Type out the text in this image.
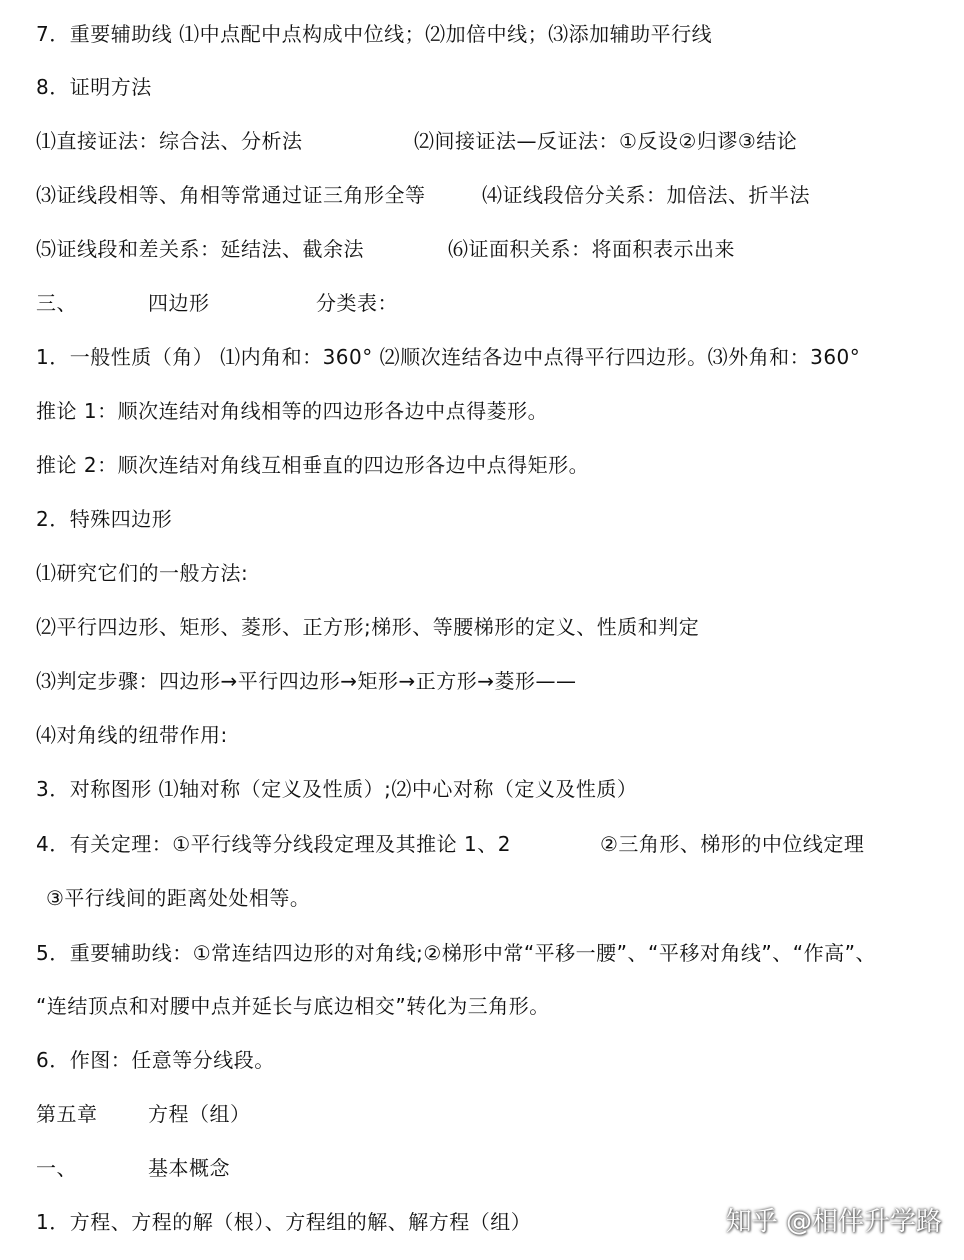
7．重要辅助线 ⑴中点配中点构成中位线；⑵加倍中线；⑶添加辅助平行线
8．证明方法
⑴直接证法：综合法、分析法	⑵间接证法—反证法：①反设②归谬③结论
⑶证线段相等、角相等常通过证三角形全等	⑷证线段倍分关系：加倍法、折半法
⑸证线段和差关系：延结法、截余法	⑹证面积关系：将面积表示出来
三、	四边形	分类表：
1．一般性质（角） ⑴内角和：360° ⑵顺次连结各边中点得平行四边形。⑶外角和：360°
推论 1：顺次连结对角线相等的四边形各边中点得菱形。
推论 2：顺次连结对角线互相垂直的四边形各边中点得矩形。
2．特殊四边形
⑴研究它们的一般方法:
⑵平行四边形、矩形、菱形、正方形;梯形、等腰梯形的定义、性质和判定
⑶判定步骤：四边形→平行四边形→矩形→正方形→菱形——
⑷对角线的纽带作用:
3．对称图形 ⑴轴对称（定义及性质）;⑵中心对称（定义及性质）
4．有关定理：①平行线等分线段定理及其推论 1、2	②三角形、梯形的中位线定理
③平行线间的距离处处相等。
5．重要辅助线：①常连结四边形的对角线;②梯形中常“平移一腰”、“平移对角线”、“作高”、
“连结顶点和对腰中点并延长与底边相交”转化为三角形。
6．作图：任意等分线段。
第五章	方程（组）
一、	基本概念
1．方程、方程的解（根）、方程组的解、解方程（组）	知乎 @相伴升学路
